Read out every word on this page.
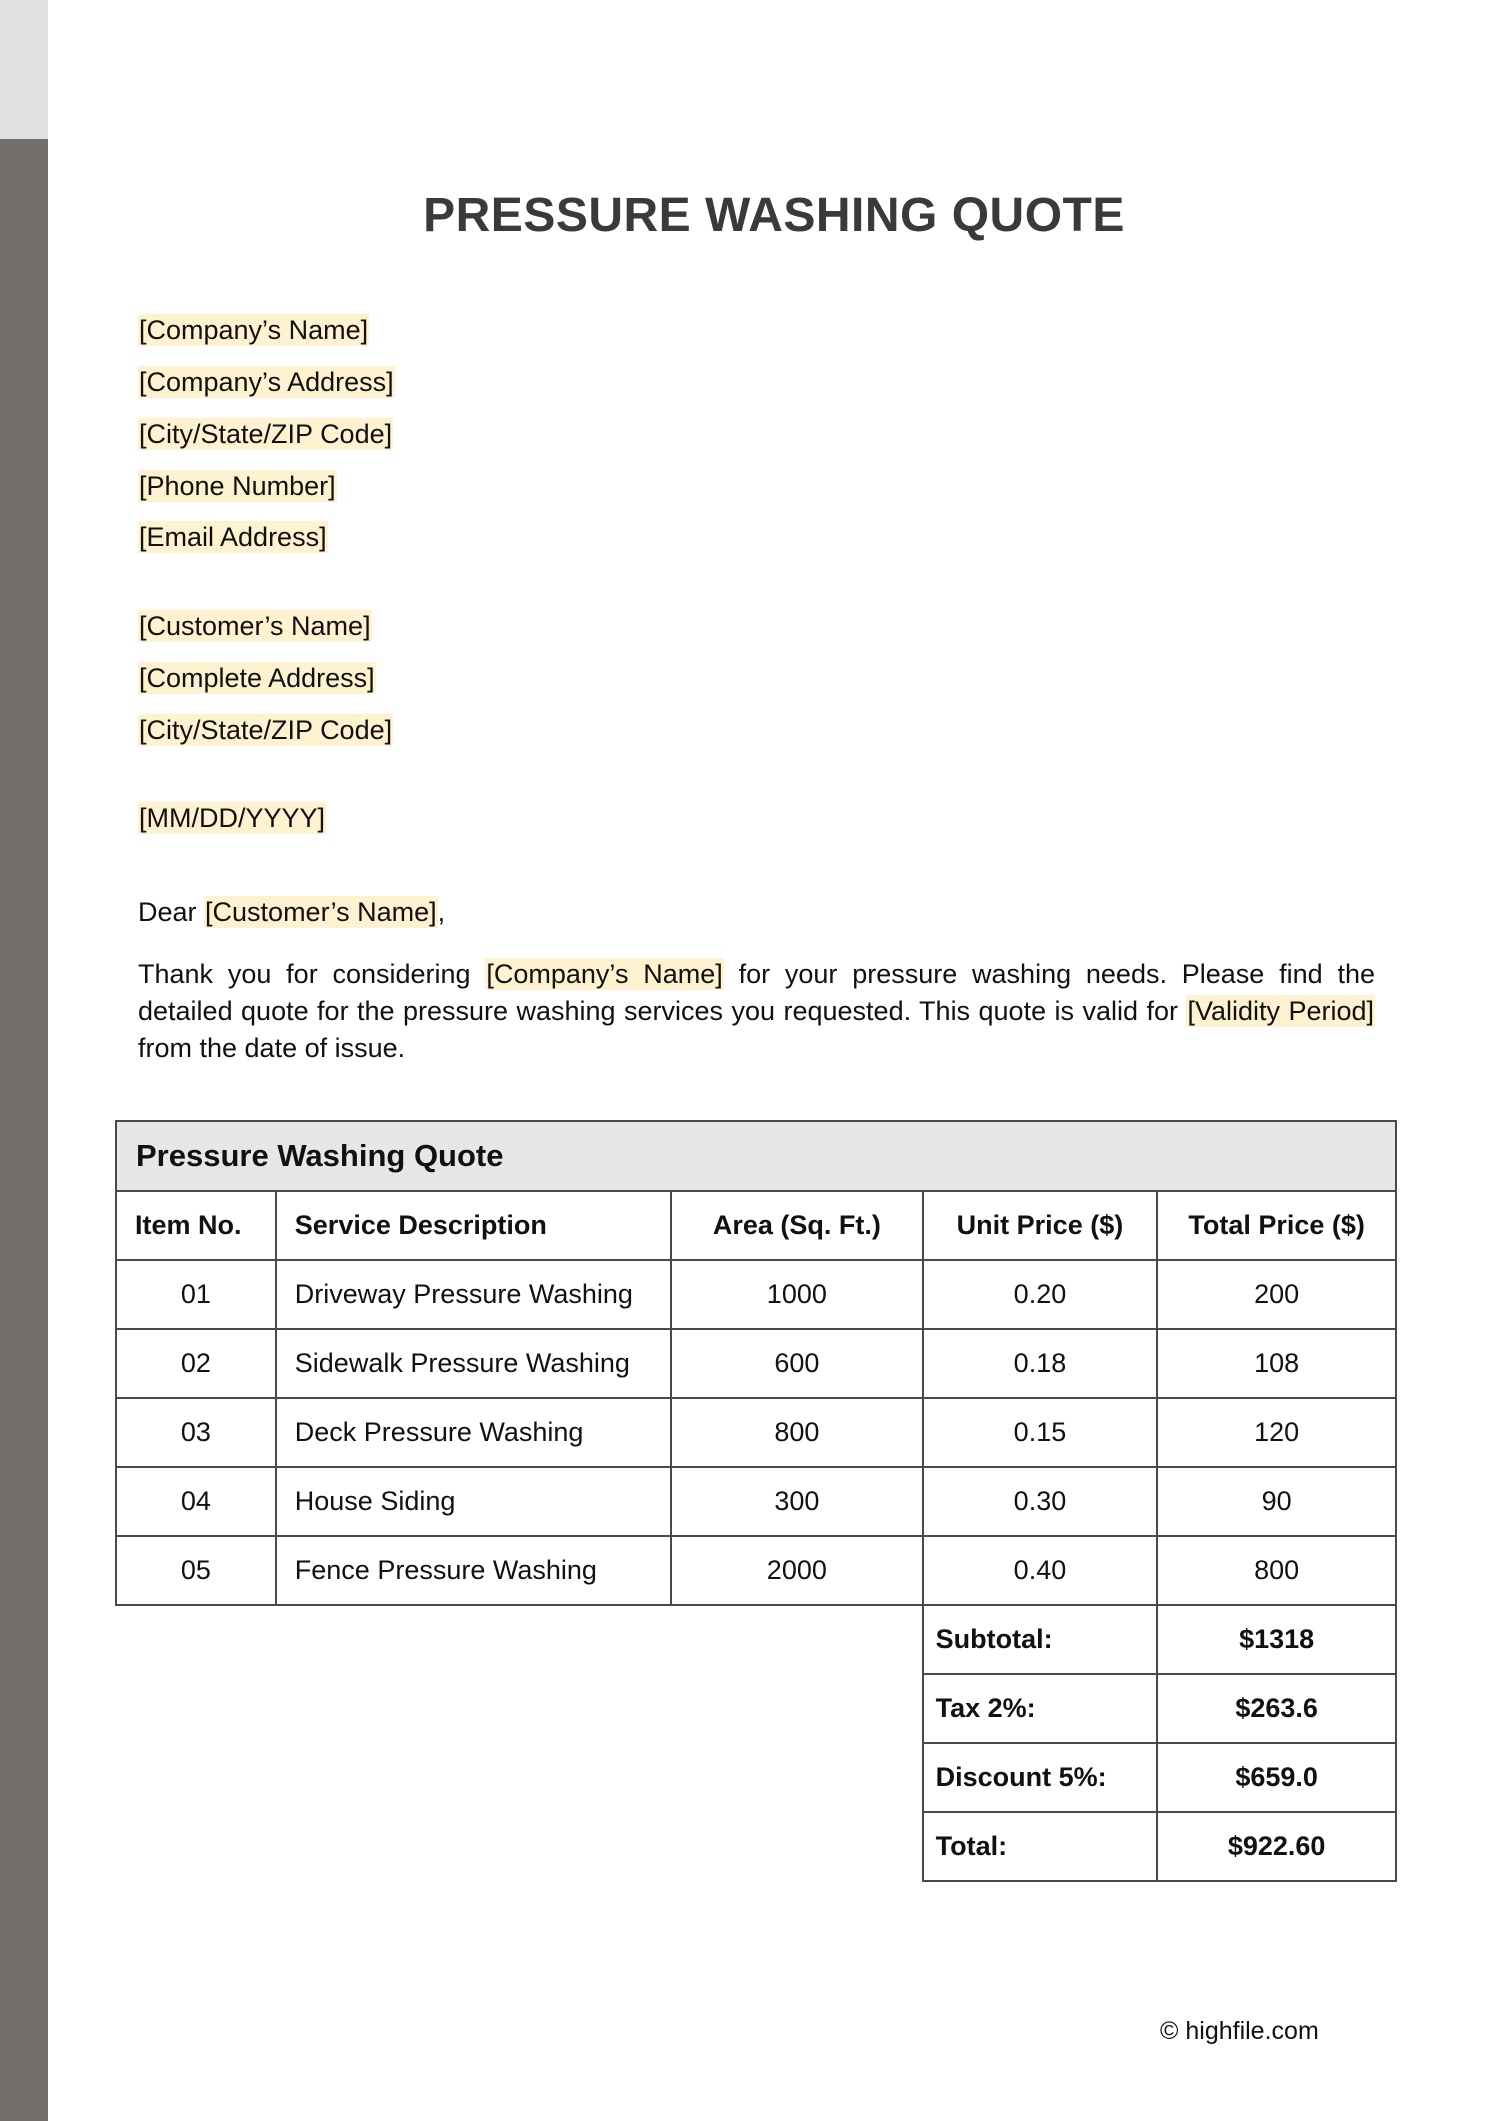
PRESSURE WASHING QUOTE
[Company’s Name]
[Company’s Address]
[City/State/ZIP Code]
[Phone Number]
[Email Address]
[Customer’s Name]
[Complete Address]
[City/State/ZIP Code]
[MM/DD/YYYY]
Dear [Customer’s Name],

Thank you for considering [Company’s Name] for your pressure washing needs. Please find the detailed quote for the pressure washing services you requested. This quote is valid for [Validity Period] from the date of issue.

Pressure Washing Quote				
Item No.	Service Description	Area (Sq. Ft.)	Unit Price ($)	Total Price ($)
01	Driveway Pressure Washing	1000	0.20	200
02	Sidewalk Pressure Washing	600	0.18	108
03	Deck Pressure Washing	800	0.15	120
04	House Siding	300	0.30	90
05	Fence Pressure Washing	2000	0.40	800
			Subtotal:	$1318
			Tax 2%:	$263.6
			Discount 5%:	$659.0
			Total:	$922.60
© highfile.com
